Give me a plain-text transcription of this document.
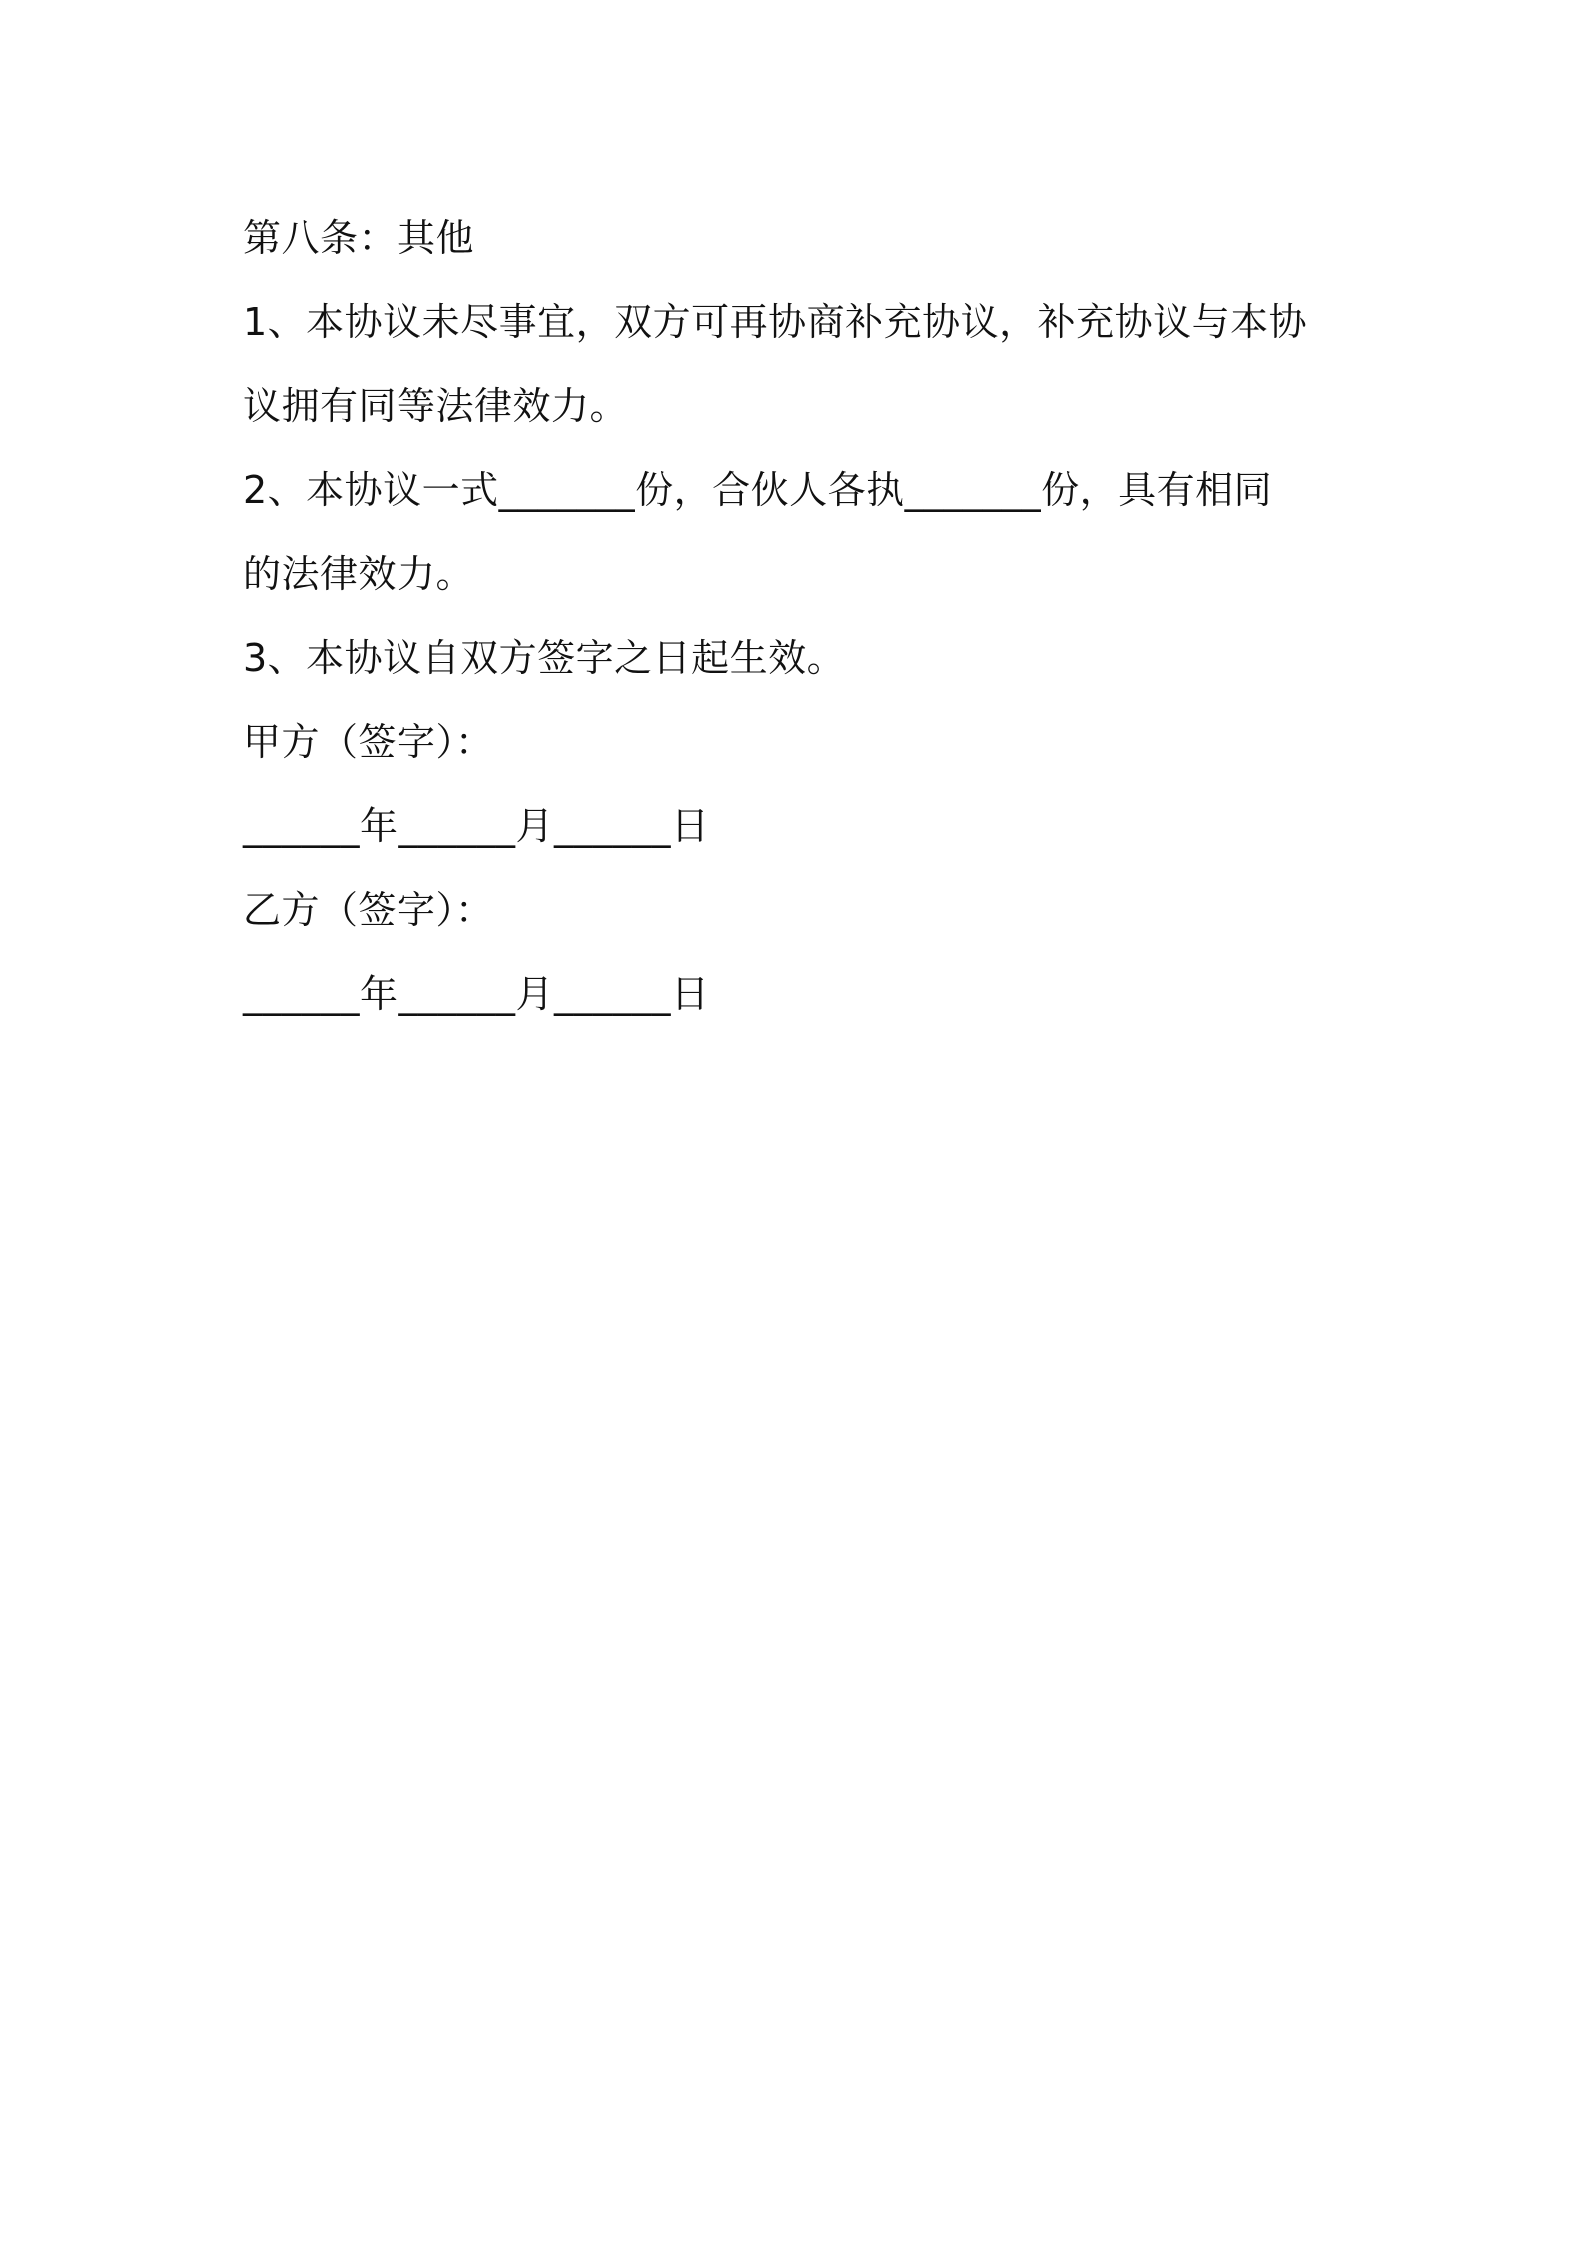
第八条：其他
1、本协议未尽事宜，双方可再协商补充协议，补充协议与本协
议拥有同等法律效力。
2、本协议一式_______份，合伙人各执_______份，具有相同
的法律效力。
3、本协议自双方签字之日起生效。
甲方（签字）：
______年______月______日
乙方（签字）：
______年______月______日
